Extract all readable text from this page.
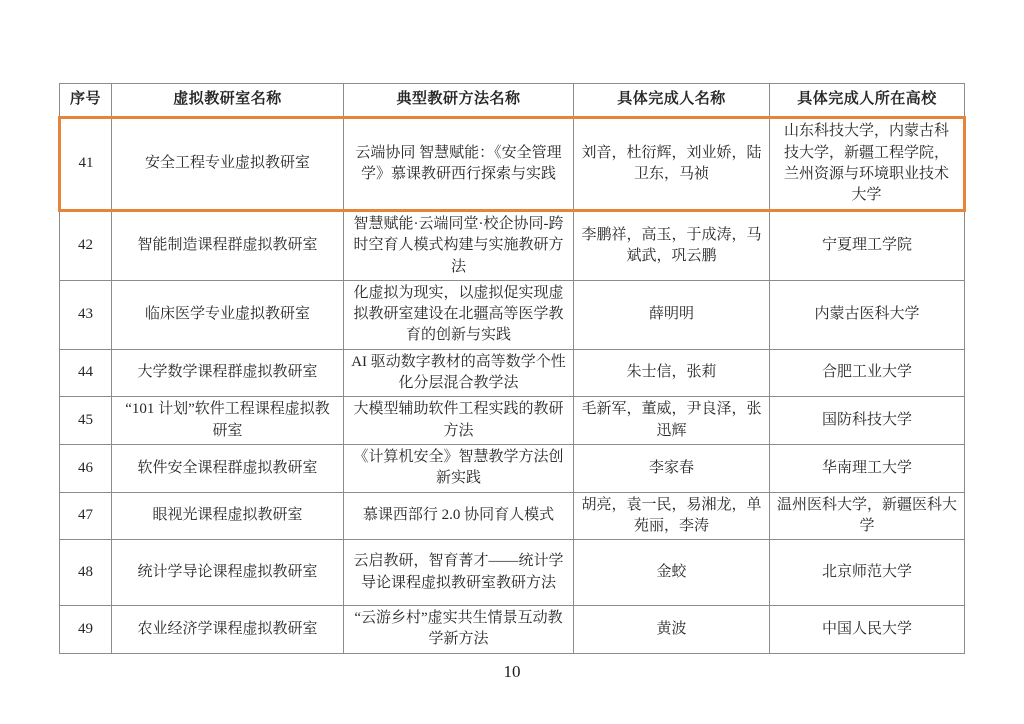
序号	虚拟教研室名称	典型教研方法名称	具体完成人名称	具体完成人所在高校
41	安全工程专业虚拟教研室	云端协同 智慧赋能：《安全管理学》慕课教研西行探索与实践	刘音，杜衍辉，刘业娇，陆卫东，马祯	山东科技大学，内蒙古科技大学，新疆工程学院，兰州资源与环境职业技术大学
42	智能制造课程群虚拟教研室	智慧赋能·云端同堂·校企协同-跨时空育人模式构建与实施教研方法	李鹏祥，高玉，于成涛，马斌武，巩云鹏	宁夏理工学院
43	临床医学专业虚拟教研室	化虚拟为现实，以虚拟促实现虚拟教研室建设在北疆高等医学教育的创新与实践	薛明明	内蒙古医科大学
44	大学数学课程群虚拟教研室	AI 驱动数字教材的高等数学个性化分层混合教学法	朱士信，张莉	合肥工业大学
45	“101 计划”软件工程课程虚拟教研室	大模型辅助软件工程实践的教研方法	毛新军，董威，尹良泽，张迅辉	国防科技大学
46	软件安全课程群虚拟教研室	《计算机安全》智慧教学方法创新实践	李家春	华南理工大学
47	眼视光课程虚拟教研室	慕课西部行 2.0 协同育人模式	胡亮，袁一民，易湘龙，单苑丽，李涛	温州医科大学，新疆医科大学
48	统计学导论课程虚拟教研室	云启教研，智育菁才——统计学导论课程虚拟教研室教研方法	金蛟	北京师范大学
49	农业经济学课程虚拟教研室	“云游乡村”虚实共生情景互动教学新方法	黄波	中国人民大学
10
